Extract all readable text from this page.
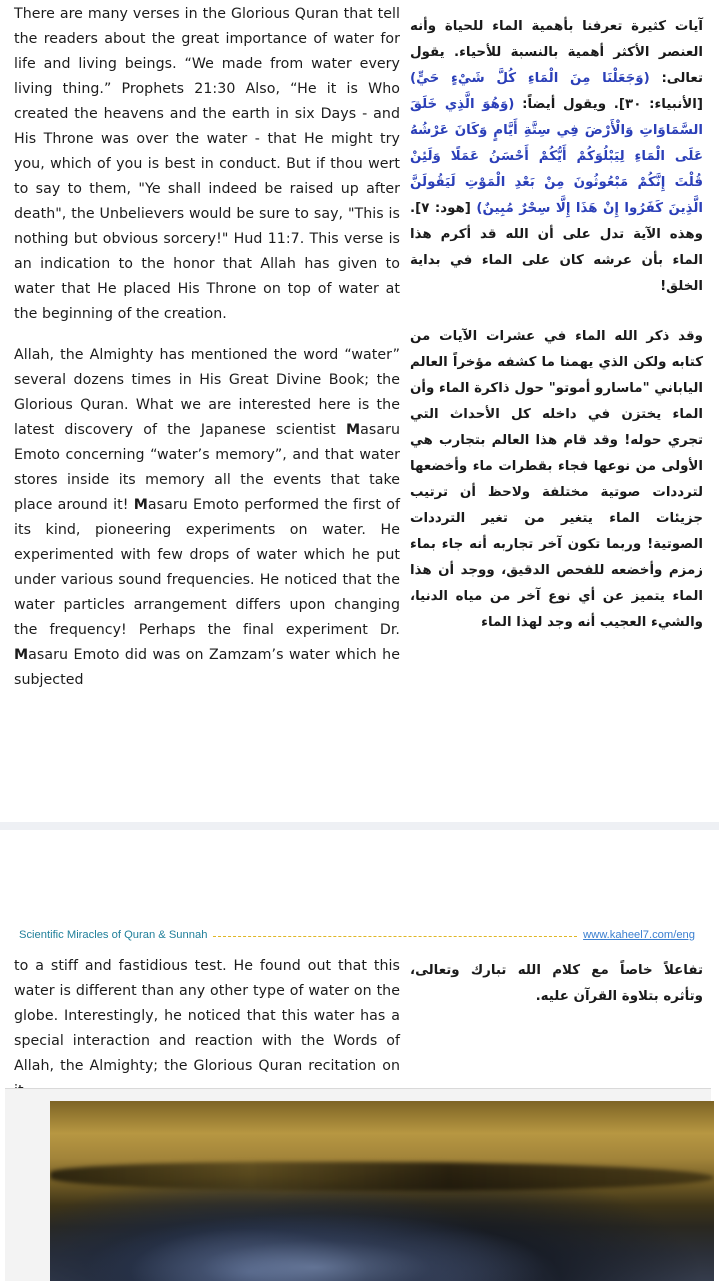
There are many verses in the Glorious Quran that tell the readers about the great importance of water for life and living beings. “We made from water every living thing.” Prophets 21:30 Also, “He it is Who created the heavens and the earth in six Days - and His Throne was over the water - that He might try you, which of you is best in conduct. But if thou wert to say to them, "Ye shall indeed be raised up after death", the Unbelievers would be sure to say, "This is nothing but obvious sorcery!" Hud 11:7. This verse is an indication to the honor that Allah has given to water that He placed His Throne on top of water at the beginning of the creation.

Allah, the Almighty has mentioned the word “water” several dozens times in His Great Divine Book; the Glorious Quran. What we are interested here is the latest discovery of the Japanese scientist Masaru Emoto concerning “water’s memory”, and that water stores inside its memory all the events that take place around it! Masaru Emoto performed the first of its kind, pioneering experiments on water. He experimented with few drops of water which he put under various sound frequencies. He noticed that the water particles arrangement differs upon changing the frequency! Perhaps the final experiment Dr. Masaru Emoto did was on Zamzam’s water which he subjected

آيات كثيرة تعرفنا بأهمية الماء للحياة وأنه العنصر الأكثر أهمية بالنسبة للأحياء. يقول تعالى: (وَجَعَلْنَا مِنَ الْمَاءِ كُلَّ شَيْءٍ حَيٍّ) [الأنبياء: ٣٠]. ويقول أيضاً: (وَهُوَ الَّذِي خَلَقَ السَّمَاوَاتِ وَالْأَرْضَ فِي سِتَّةِ أَيَّامٍ وَكَانَ عَرْشُهُ عَلَى الْمَاءِ لِيَبْلُوَكُمْ أَيُّكُمْ أَحْسَنُ عَمَلًا وَلَئِنْ قُلْتَ إِنَّكُمْ مَبْعُوثُونَ مِنْ بَعْدِ الْمَوْتِ لَيَقُولَنَّ الَّذِينَ كَفَرُوا إِنْ هَذَا إِلَّا سِحْرٌ مُبِينٌ) [هود: ٧]. وهذه الآية تدل على أن الله قد أكرم هذا الماء بأن عرشه كان على الماء في بداية الخلق!

وقد ذكر الله الماء في عشرات الآيات من كتابه ولكن الذي يهمنا ما كشفه مؤخراً العالم الياباني "ماسارو أموتو" حول ذاكرة الماء وأن الماء يختزن في داخله كل الأحداث التي تجري حوله! وقد قام هذا العالم بتجارب هي الأولى من نوعها فجاء بقطرات ماء وأخضعها لترددات صوتية مختلفة ولاحظ أن ترتيب جزيئات الماء يتغير من تغير الترددات الصوتية! وربما تكون آخر تجاربه أنه جاء بماء زمزم وأخضعه للفحص الدقيق، ووجد أن هذا الماء يتميز عن أي نوع آخر من مياه الدنيا، والشيء العجيب أنه وجد لهذا الماء

Scientific Miracles of Quran & Sunnah	www.kaheel7.com/eng

to a stiff and fastidious test. He found out that this water is different than any other type of water on the globe. Interestingly, he noticed that this water has a special interaction and reaction with the Words of Allah, the Almighty; the Glorious Quran recitation on

تفاعلاً خاصاً مع كلام الله تبارك وتعالى، وتأثره بتلاوة القرآن عليه.
